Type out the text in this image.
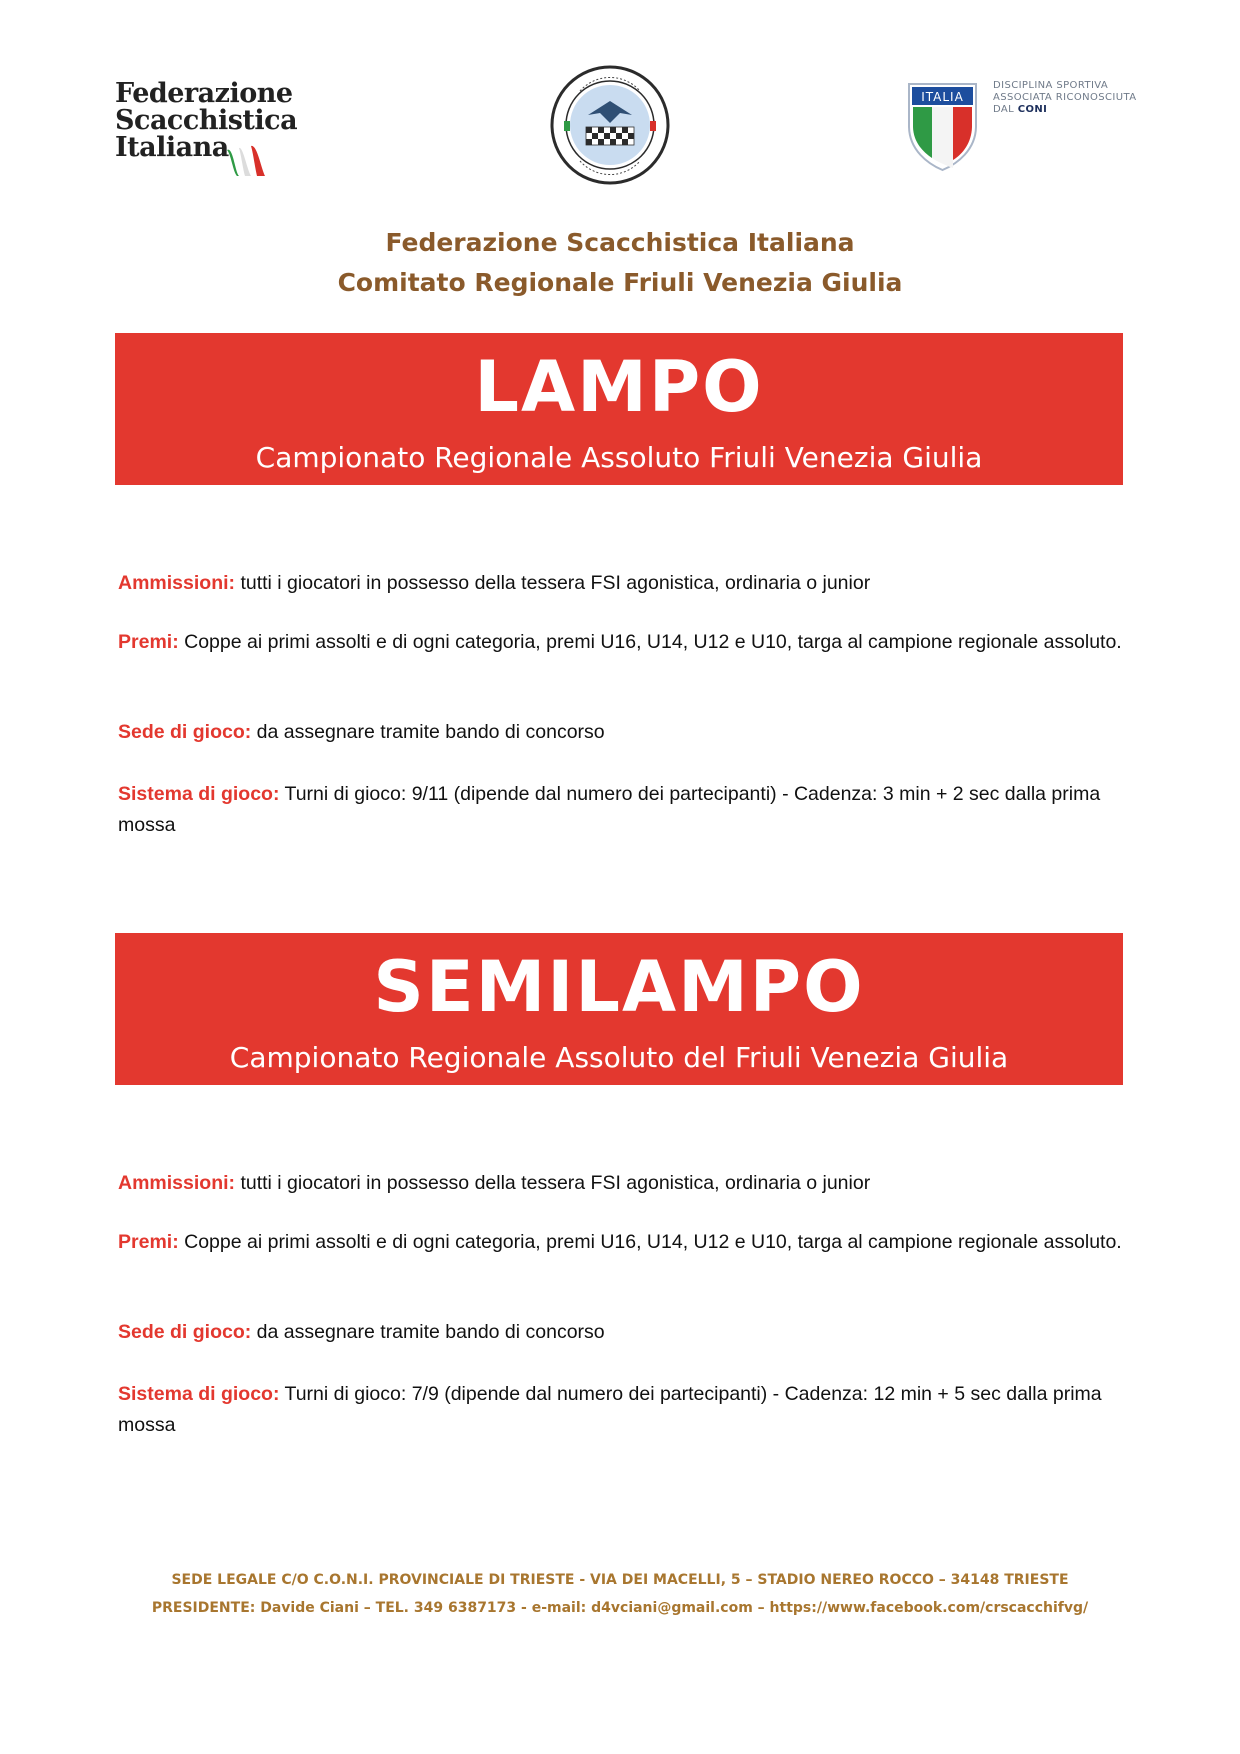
Federazione
Scacchistica
Italiana
ITALIA
DISCIPLINA SPORTIVA
ASSOCIATA RICONOSCIUTA
DAL CONI
Federazione Scacchistica Italiana
Comitato Regionale Friuli Venezia Giulia
LAMPO
Campionato Regionale Assoluto Friuli Venezia Giulia
Ammissioni: tutti i giocatori in possesso della tessera FSI agonistica, ordinaria o junior
Premi: Coppe ai primi assolti e di ogni categoria, premi U16, U14, U12 e U10, targa al campione regionale assoluto.
Sede di gioco: da assegnare tramite bando di concorso
Sistema di gioco: Turni di gioco: 9/11 (dipende dal numero dei partecipanti) - Cadenza: 3 min + 2 sec dalla prima mossa
SEMILAMPO
Campionato Regionale Assoluto del Friuli Venezia Giulia
Ammissioni: tutti i giocatori in possesso della tessera FSI agonistica, ordinaria o junior
Premi: Coppe ai primi assolti e di ogni categoria, premi U16, U14, U12 e U10, targa al campione regionale assoluto.
Sede di gioco: da assegnare tramite bando di concorso
Sistema di gioco: Turni di gioco: 7/9 (dipende dal numero dei partecipanti) - Cadenza: 12 min + 5 sec dalla prima mossa
SEDE LEGALE C/O C.O.N.I. PROVINCIALE DI TRIESTE - VIA DEI MACELLI, 5 – STADIO NEREO ROCCO – 34148 TRIESTE
PRESIDENTE: Davide Ciani – TEL. 349 6387173 - e-mail: d4vciani@gmail.com – https://www.facebook.com/crscacchifvg/
